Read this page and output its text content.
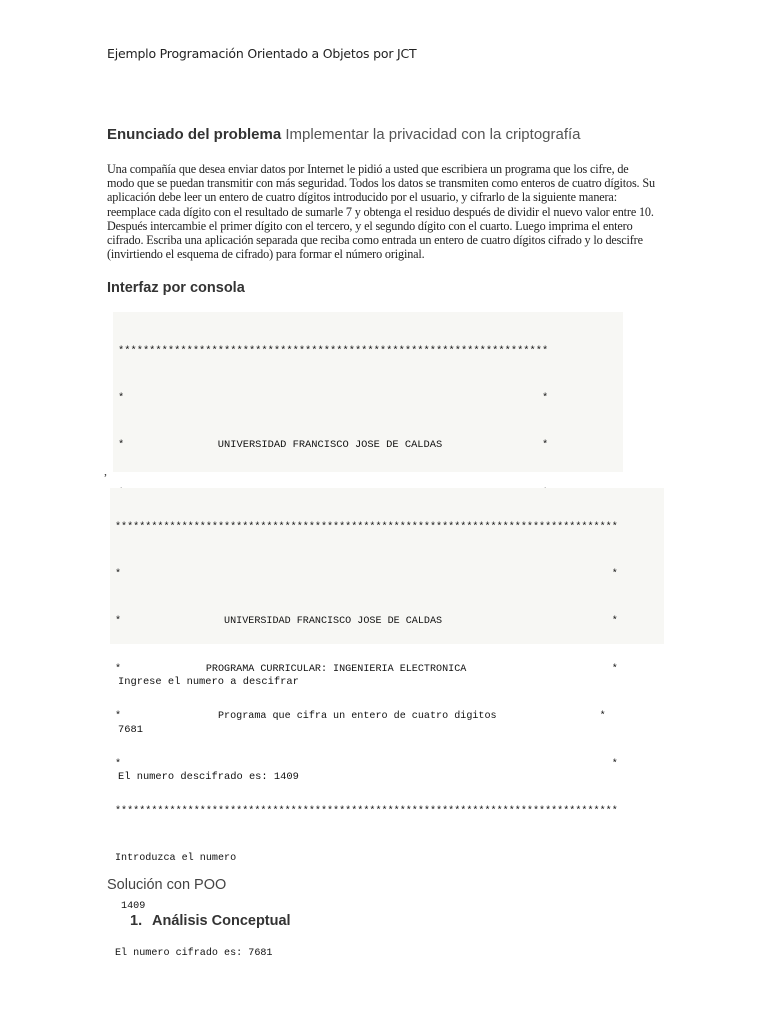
Ejemplo Programación Orientado a Objetos por JCT
Enunciado del problema Implementar la privacidad con la criptografía
Una compañía que desea enviar datos por Internet le pidió a usted que escribiera un programa que los cifre, de
modo que se puedan transmitir con más seguridad. Todos los datos se transmiten como enteros de cuatro dígitos. Su
aplicación debe leer un entero de cuatro dígitos introducido por el usuario, y cifrarlo de la siguiente manera:
reemplace cada dígito con el resultado de sumarle 7 y obtenga el residuo después de dividir el nuevo valor entre 10.
Después intercambie el primer dígito con el tercero, y el segundo dígito con el cuarto. Luego imprima el entero
cifrado. Escriba una aplicación separada que reciba como entrada un entero de cuatro dígitos cifrado y lo descifre
(invirtiendo el esquema de cifrado) para formar el número original.
Interfaz por consola

*********************************************************************

*                                                                   *

*               UNIVERSIDAD FRANCISCO JOSE DE CALDAS                *

Ingrese el numero a descifrar

7681

El numero descifrado es: 1409

,

***********************************************************************************

*                                                                                 *

*                 UNIVERSIDAD FRANCISCO JOSE DE CALDAS                            *

*              PROGRAMA CURRICULAR: INGENIERIA ELECTRONICA                        *

*                Programa que cifra un entero de cuatro digitos                 *

*                                                                                 *

***********************************************************************************

Introduzca el numero

1409

El numero cifrado es: 7681

Solución con POO
1. Análisis Conceptual
